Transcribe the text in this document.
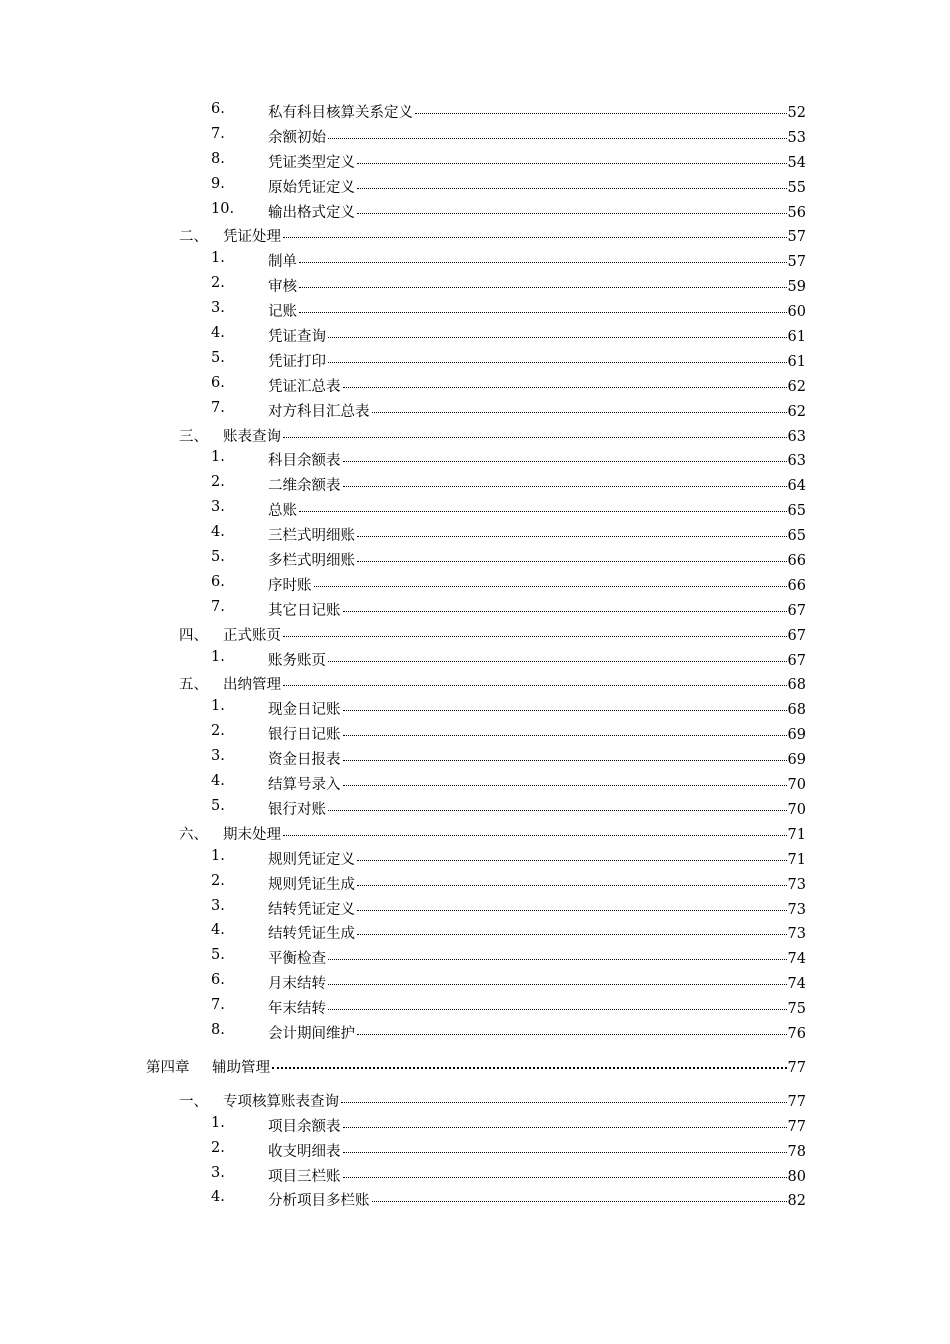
6.	私有科目核算关系定义	52
7.	余额初始	53
8.	凭证类型定义	54
9.	原始凭证定义	55
10. 输出格式定义	56
二、 凭证处理	57
1.	制单	57
2.	审核	59
3.	记账	60
4.	凭证查询	61
5.	凭证打印	61
6.	凭证汇总表	62
7.	对方科目汇总表	62
三、 账表查询	63
1.	科目余额表	63
2.	二维余额表	64
3.	总账	65
4.	三栏式明细账	65
5.	多栏式明细账	66
6.	序时账	66
7.	其它日记账	67
四、 正式账页	67
1.	账务账页	67
五、 出纳管理	68
1.	现金日记账	68
2.	银行日记账	69
3.	资金日报表	69
4.	结算号录入	70
5.	银行对账	70
六、 期末处理	71
1.	规则凭证定义	71
2.	规则凭证生成	73
3.	结转凭证定义	73
4.	结转凭证生成	73
5.	平衡检查	74
6.	月末结转	74
7.	年末结转	75
8.	会计期间维护	76
第四章 辅助管理	77
一、 专项核算账表查询	77
1.	项目余额表	77
2.	收支明细表	78
3.	项目三栏账	80
4.	分析项目多栏账	82
